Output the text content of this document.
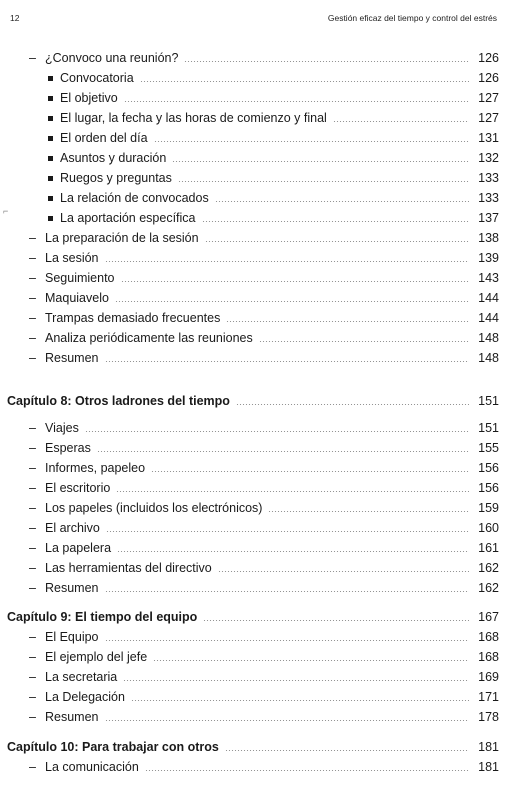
12	Gestión eficaz del tiempo y control del estrés
⌐
– ¿Convoco una reunión?	126
Convocatoria	126
El objetivo	127
El lugar, la fecha y las horas de comienzo y final	127
El orden del día	131
Asuntos y duración	132
Ruegos y preguntas	133
La relación de convocados	133
La aportación específica	137
– La preparación de la sesión	138
– La sesión	139
– Seguimiento	143
– Maquiavelo	144
– Trampas demasiado frecuentes	144
– Analiza periódicamente las reuniones	148
– Resumen	148
Capítulo 8: Otros ladrones del tiempo	151
– Viajes	151
– Esperas	155
– Informes, papeleo	156
– El escritorio	156
– Los papeles (incluidos los electrónicos)	159
– El archivo	160
– La papelera	161
– Las herramientas del directivo	162
– Resumen	162
Capítulo 9: El tiempo del equipo	167
– El Equipo	168
– El ejemplo del jefe	168
– La secretaria	169
– La Delegación	171
– Resumen	178
Capítulo 10: Para trabajar con otros	181
– La comunicación	181
